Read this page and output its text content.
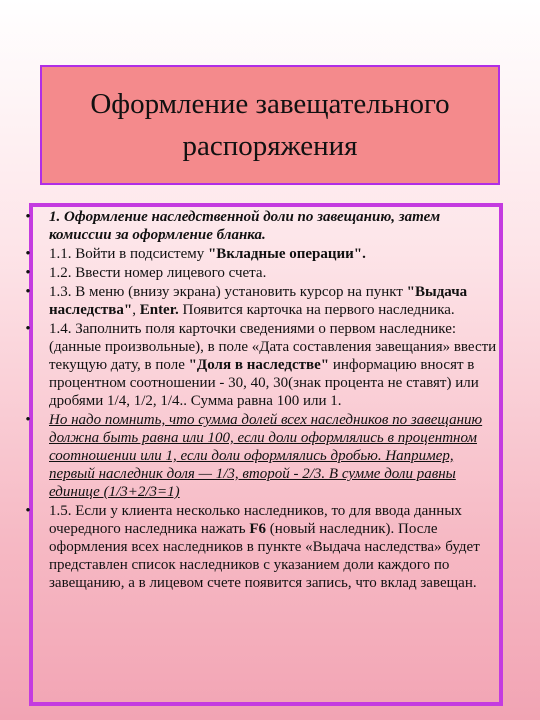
Оформление завещательного распоряжения
• 1. Оформление наследственной доли по завещанию, затем комиссии за оформление бланка.
• 1.1. Войти в подсистему "Вкладные операции".
• 1.2. Ввести номер лицевого счета.
• 1.3. В меню (внизу экрана) установить курсор на пункт "Выдача наследства", Enter. Появится карточка на первого наследника.
• 1.4. Заполнить поля карточки сведениями о первом наследнике: (данные произвольные), в поле «Дата составления завещания» ввести текущую дату, в поле "Доля в наследстве" информацию вносят в процентном соотношении - 30, 40, 30(знак процента не ставят) или дробями 1/4, 1/2, 1/4.. Сумма равна 100 или 1.
• Но надо помнить, что сумма долей всех наследников по завещанию должна быть равна или 100, если доли оформлялись в процентном соотношении или 1, если доли оформлялись дробью. Например, первый наследник доля — 1/3, второй - 2/3. В сумме доли равны единице (1/3+2/3=1)
• 1.5. Если у клиента несколько наследников, то для ввода данных очередного наследника нажать F6 (новый наследник). После оформления всех наследников в пункте «Выдача наследства» будет представлен список наследников с указанием доли каждого по завещанию, а в лицевом счете появится запись, что вклад завещан.
